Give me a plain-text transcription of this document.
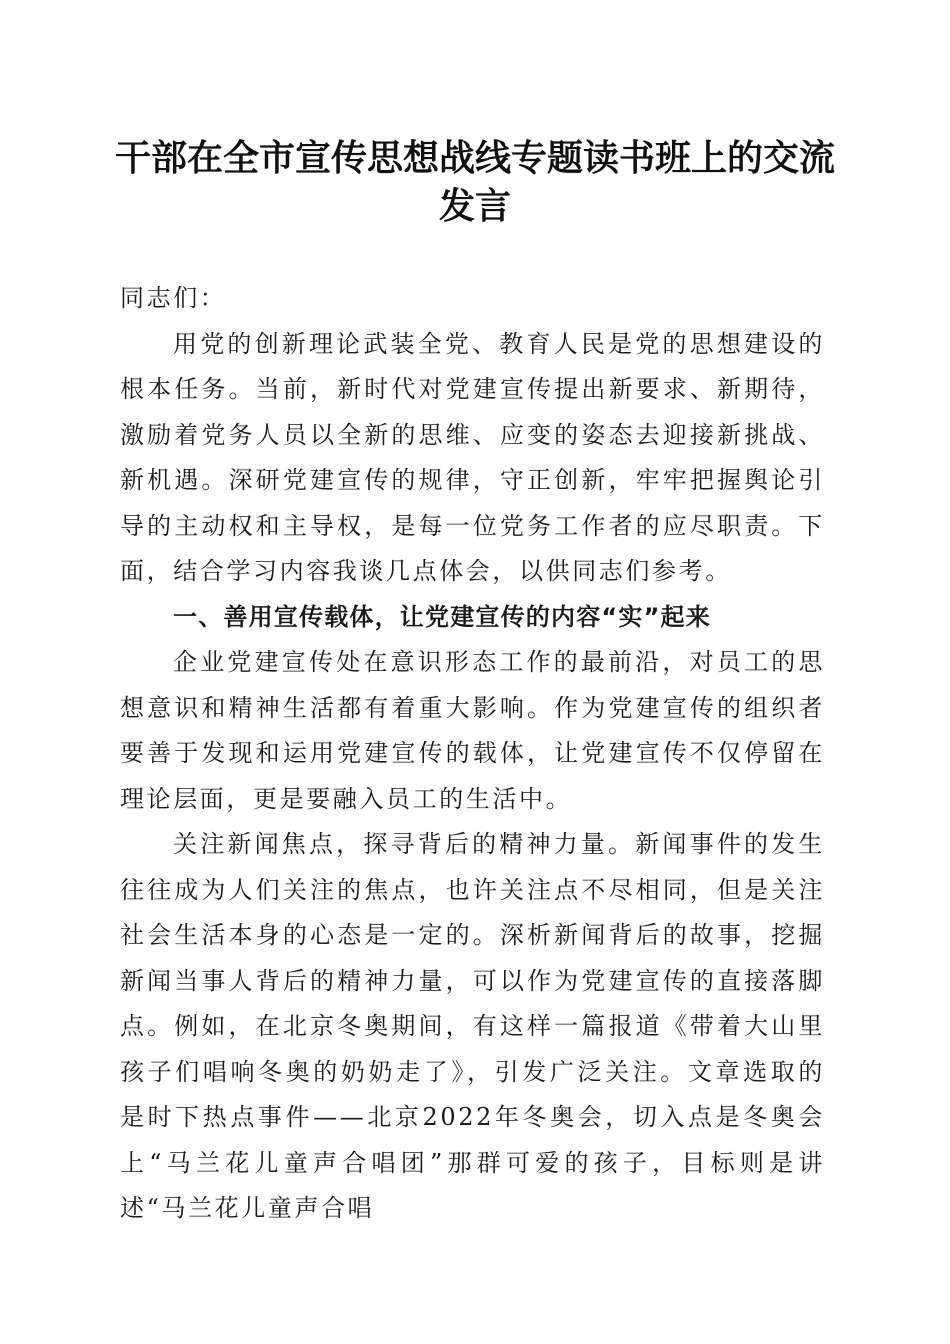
干部在全市宣传思想战线专题读书班上的交流发言

同志们：

用党的创新理论武装全党、教育人民是党的思想建设的根本任务。当前，新时代对党建宣传提出新要求、新期待，激励着党务人员以全新的思维、应变的姿态去迎接新挑战、新机遇。深研党建宣传的规律，守正创新，牢牢把握舆论引导的主动权和主导权，是每一位党务工作者的应尽职责。下面，结合学习内容我谈几点体会，以供同志们参考。

一、善用宣传载体，让党建宣传的内容“实”起来

企业党建宣传处在意识形态工作的最前沿，对员工的思想意识和精神生活都有着重大影响。作为党建宣传的组织者要善于发现和运用党建宣传的载体，让党建宣传不仅停留在理论层面，更是要融入员工的生活中。

关注新闻焦点，探寻背后的精神力量。新闻事件的发生往往成为人们关注的焦点，也许关注点不尽相同，但是关注社会生活本身的心态是一定的。深析新闻背后的故事，挖掘新闻当事人背后的精神力量，可以作为党建宣传的直接落脚点。例如，在北京冬奥期间，有这样一篇报道《带着大山里孩子们唱响冬奥的奶奶走了》，引发广泛关注。文章选取的是时下热点事件——北京2022年冬奥会，切入点是冬奥会上“马兰花儿童声合唱团”那群可爱的孩子，目标则是讲述“马兰花儿童声合唱
